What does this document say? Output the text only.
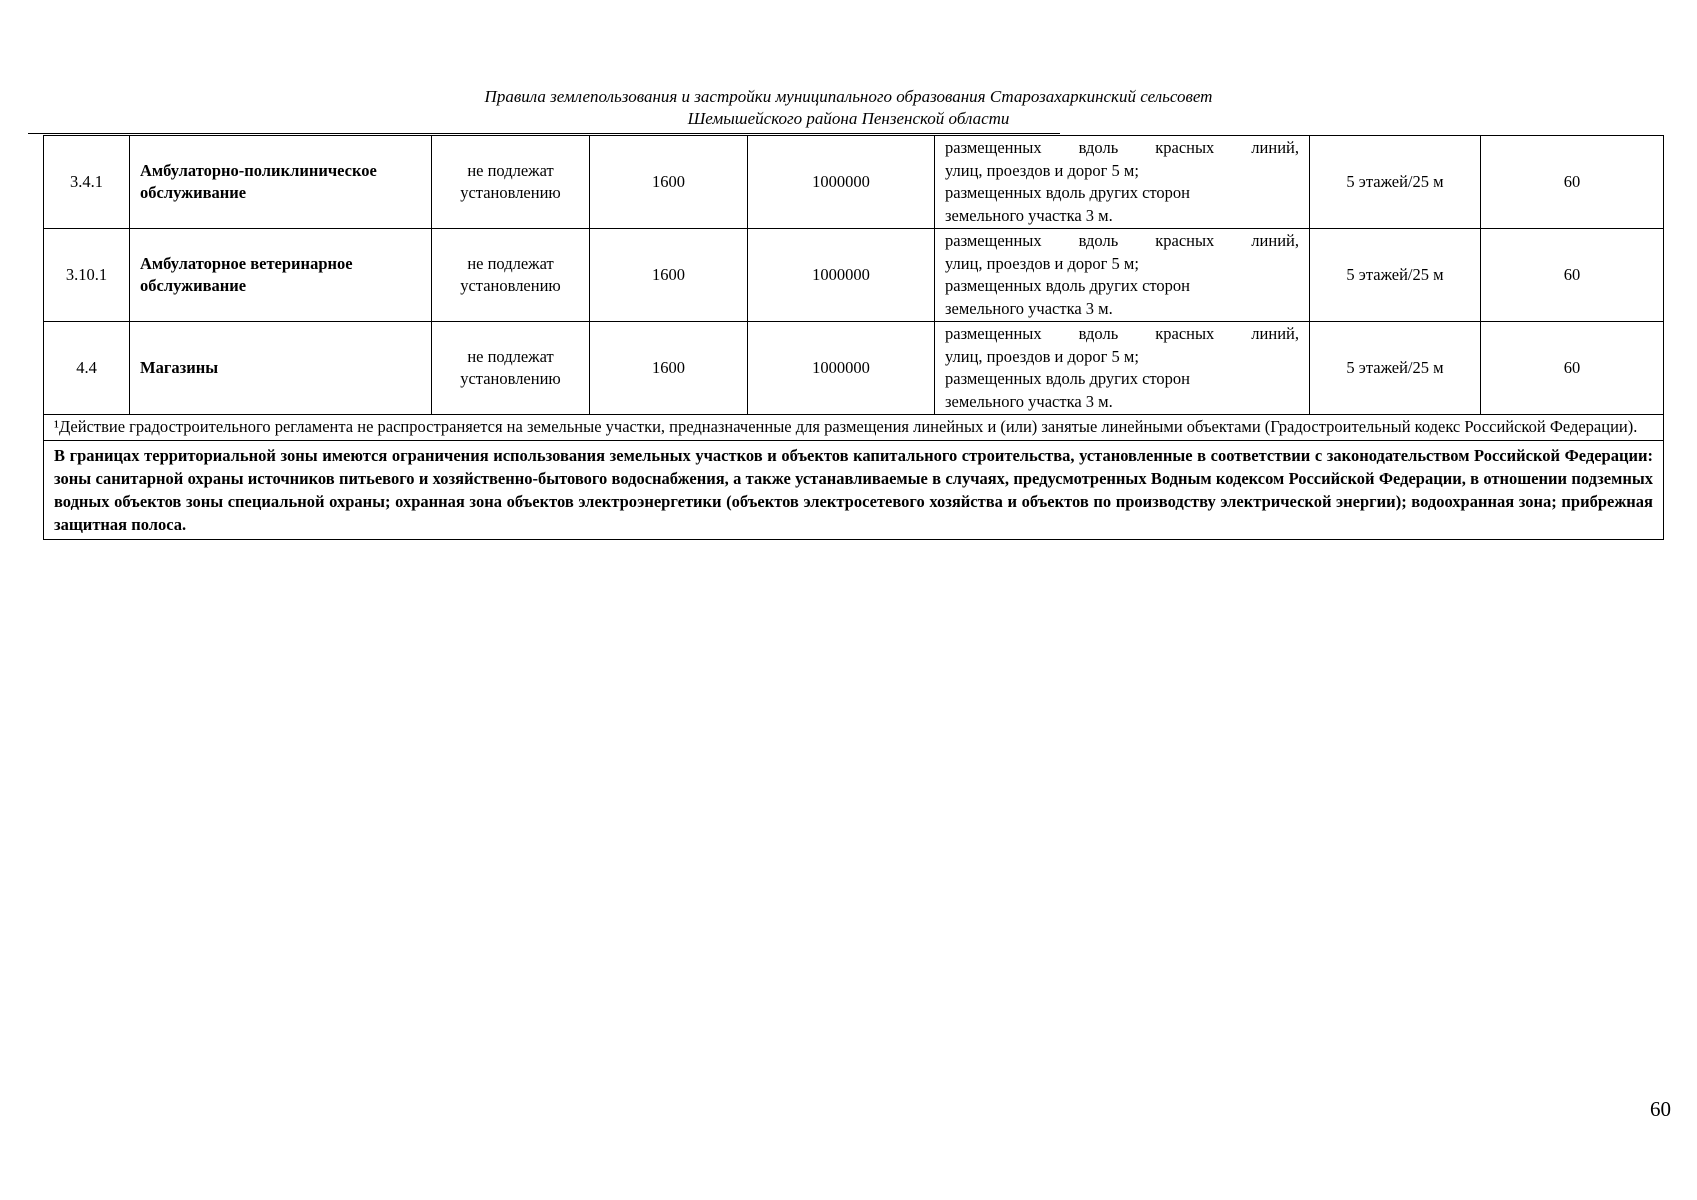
Правила землепользования и застройки муниципального образования Старозахаркинский сельсовет
Шемышейского района Пензенской области
3.4.1	Амбулаторно-поликлиническое обслуживание	не подлежат установлению	1600	1000000	размещенных вдоль красных линий,
улиц, проездов и дорог 5 м;
размещенных вдоль других сторон
земельного участка 3 м.	5 этажей/25 м	60
3.10.1	Амбулаторное ветеринарное обслуживание	не подлежат установлению	1600	1000000	размещенных вдоль красных линий,
улиц, проездов и дорог 5 м;
размещенных вдоль других сторон
земельного участка 3 м.	5 этажей/25 м	60
4.4	Магазины	не подлежат установлению	1600	1000000	размещенных вдоль красных линий,
улиц, проездов и дорог 5 м;
размещенных вдоль других сторон
земельного участка 3 м.	5 этажей/25 м	60
¹Действие градостроительного регламента не распространяется на земельные участки, предназначенные для размещения линейных и (или) занятые линейными объектами (Градостроительный кодекс Российской Федерации).							
В границах территориальной зоны имеются ограничения использования земельных участков и объектов капитального строительства, установленные в соответствии с законодательством Российской Федерации: зоны санитарной охраны источников питьевого и хозяйственно-бытового водоснабжения, а также устанавливаемые в случаях, предусмотренных Водным кодексом Российской Федерации, в отношении подземных водных объектов зоны специальной охраны; охранная зона объектов электроэнергетики (объектов электросетевого хозяйства и объектов по производству электрической энергии); водоохранная зона; прибрежная защитная полоса.							
60
